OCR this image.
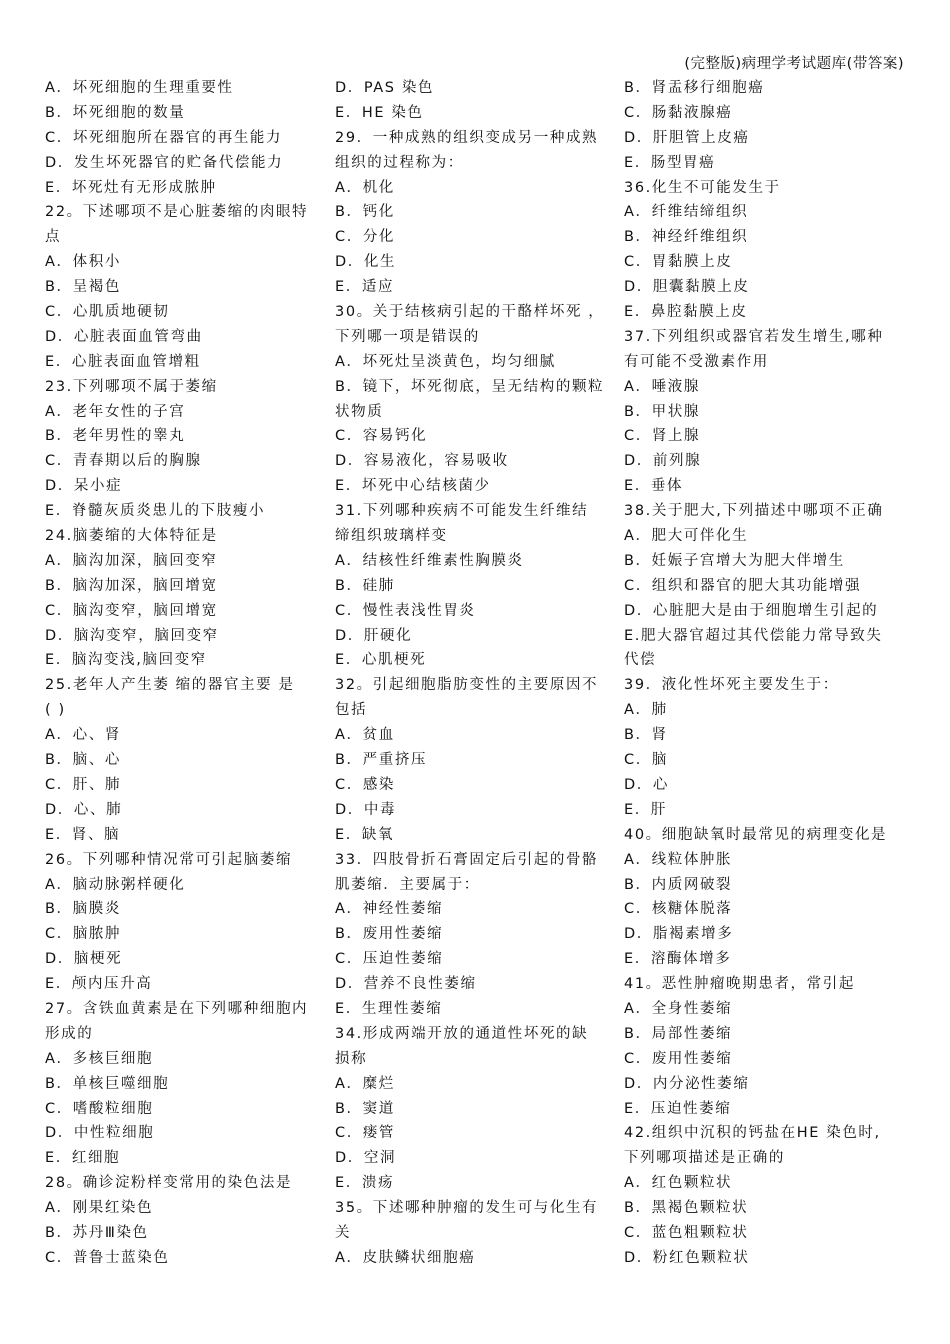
(完整版)病理学考试题库(带答案)
A．坏死细胞的生理重要性
B．坏死细胞的数量
C．坏死细胞所在器官的再生能力
D．发生坏死器官的贮备代偿能力
E．坏死灶有无形成脓肿
22。下述哪项不是心脏萎缩的肉眼特
点
A．体积小
B．呈褐色
C．心肌质地硬韧
D．心脏表面血管弯曲
E．心脏表面血管增粗
23.下列哪项不属于萎缩
A．老年女性的子宫
B．老年男性的睾丸
C．青春期以后的胸腺
D．呆小症
E．脊髓灰质炎患儿的下肢瘦小
24.脑萎缩的大体特征是
A．脑沟加深，脑回变窄
B．脑沟加深，脑回增宽
C．脑沟变窄，脑回增宽
D．脑沟变窄，脑回变窄
E．脑沟变浅,脑回变窄
25.老年人产生萎 缩的器官主要 是
( )
A．心、肾
B．脑、心
C．肝、肺
D．心、肺
E．肾、脑
26。下列哪种情况常可引起脑萎缩
A．脑动脉粥样硬化
B．脑膜炎
C．脑脓肿
D．脑梗死
E．颅内压升高
27。含铁血黄素是在下列哪种细胞内
形成的
A．多核巨细胞
B．单核巨噬细胞
C．嗜酸粒细胞
D．中性粒细胞
E．红细胞
28。确诊淀粉样变常用的染色法是
A．刚果红染色
B．苏丹Ⅲ染色
C．普鲁士蓝染色
D．PAS 染色
E．HE 染色
29．一种成熟的组织变成另一种成熟
组织的过程称为：
A．机化
B．钙化
C．分化
D．化生
E．适应
30。关于结核病引起的干酪样坏死 ，
下列哪一项是错误的
A．坏死灶呈淡黄色，均匀细腻
B．镜下，坏死彻底，呈无结构的颗粒
状物质
C．容易钙化
D．容易液化，容易吸收
E．坏死中心结核菌少
31.下列哪种疾病不可能发生纤维结
缔组织玻璃样变
A．结核性纤维素性胸膜炎
B．硅肺
C．慢性表浅性胃炎
D．肝硬化
E．心肌梗死
32。引起细胞脂肪变性的主要原因不
包括
A．贫血
B．严重挤压
C．感染
D．中毒
E．缺氧
33．四肢骨折石膏固定后引起的骨骼
肌萎缩．主要属于：
A．神经性萎缩
B．废用性萎缩
C．压迫性萎缩
D．营养不良性萎缩
E．生理性萎缩
34.形成两端开放的通道性坏死的缺
损称
A．糜烂
B．窦道
C．瘘管
D．空洞
E．溃疡
35。下述哪种肿瘤的发生可与化生有
关
A．皮肤鳞状细胞癌
B．肾盂移行细胞癌
C．肠黏液腺癌
D．肝胆管上皮癌
E．肠型胃癌
36.化生不可能发生于
A．纤维结缔组织
B．神经纤维组织
C．胃黏膜上皮
D．胆囊黏膜上皮
E．鼻腔黏膜上皮
37.下列组织或器官若发生增生,哪种
有可能不受激素作用
A．唾液腺
B．甲状腺
C．肾上腺
D．前列腺
E．垂体
38.关于肥大,下列描述中哪项不正确
A．肥大可伴化生
B．妊娠子宫增大为肥大伴增生
C．组织和器官的肥大其功能增强
D．心脏肥大是由于细胞增生引起的
E.肥大器官超过其代偿能力常导致失
代偿
39．液化性坏死主要发生于：
A．肺
B．肾
C．脑
D．心
E．肝
40。细胞缺氧时最常见的病理变化是
A．线粒体肿胀
B．内质网破裂
C．核糖体脱落
D．脂褐素增多
E．溶酶体增多
41。恶性肿瘤晚期患者，常引起
A．全身性萎缩
B．局部性萎缩
C．废用性萎缩
D．内分泌性萎缩
E．压迫性萎缩
42.组织中沉积的钙盐在HE 染色时,
下列哪项描述是正确的
A．红色颗粒状
B．黑褐色颗粒状
C．蓝色粗颗粒状
D．粉红色颗粒状
